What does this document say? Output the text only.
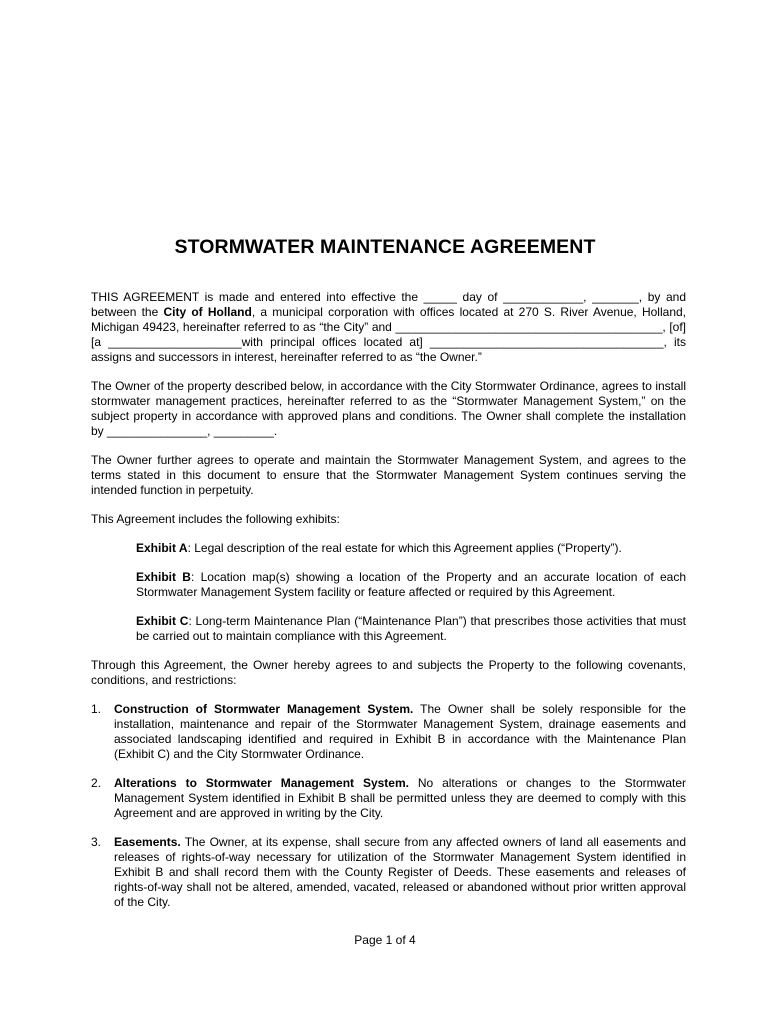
STORMWATER MAINTENANCE AGREEMENT

THIS AGREEMENT is made and entered into effective the _____ day of ____________, _______, by and between the City of Holland, a municipal corporation with offices located at 270 S. River Avenue, Holland, Michigan 49423, hereinafter referred to as “the City” and ________________________________________, [of][a ____________________with principal offices located at] ___________________________________, its assigns and successors in interest, hereinafter referred to as “the Owner.”

The Owner of the property described below, in accordance with the City Stormwater Ordinance, agrees to install stormwater management practices, hereinafter referred to as the “Stormwater Management System,” on the subject property in accordance with approved plans and conditions. The Owner shall complete the installation by _______________, _________.

The Owner further agrees to operate and maintain the Stormwater Management System, and agrees to the terms stated in this document to ensure that the Stormwater Management System continues serving the intended function in perpetuity.

This Agreement includes the following exhibits:

Exhibit A: Legal description of the real estate for which this Agreement applies (“Property”).

Exhibit B: Location map(s) showing a location of the Property and an accurate location of each Stormwater Management System facility or feature affected or required by this Agreement.

Exhibit C: Long-term Maintenance Plan (“Maintenance Plan”) that prescribes those activities that must be carried out to maintain compliance with this Agreement.

Through this Agreement, the Owner hereby agrees to and subjects the Property to the following covenants, conditions, and restrictions:

1. Construction of Stormwater Management System. The Owner shall be solely responsible for the installation, maintenance and repair of the Stormwater Management System, drainage easements and associated landscaping identified and required in Exhibit B in accordance with the Maintenance Plan (Exhibit C) and the City Stormwater Ordinance.

2. Alterations to Stormwater Management System. No alterations or changes to the Stormwater Management System identified in Exhibit B shall be permitted unless they are deemed to comply with this Agreement and are approved in writing by the City.

3. Easements. The Owner, at its expense, shall secure from any affected owners of land all easements and releases of rights-of-way necessary for utilization of the Stormwater Management System identified in Exhibit B and shall record them with the County Register of Deeds. These easements and releases of rights-of-way shall not be altered, amended, vacated, released or abandoned without prior written approval of the City.

Page 1 of 4
